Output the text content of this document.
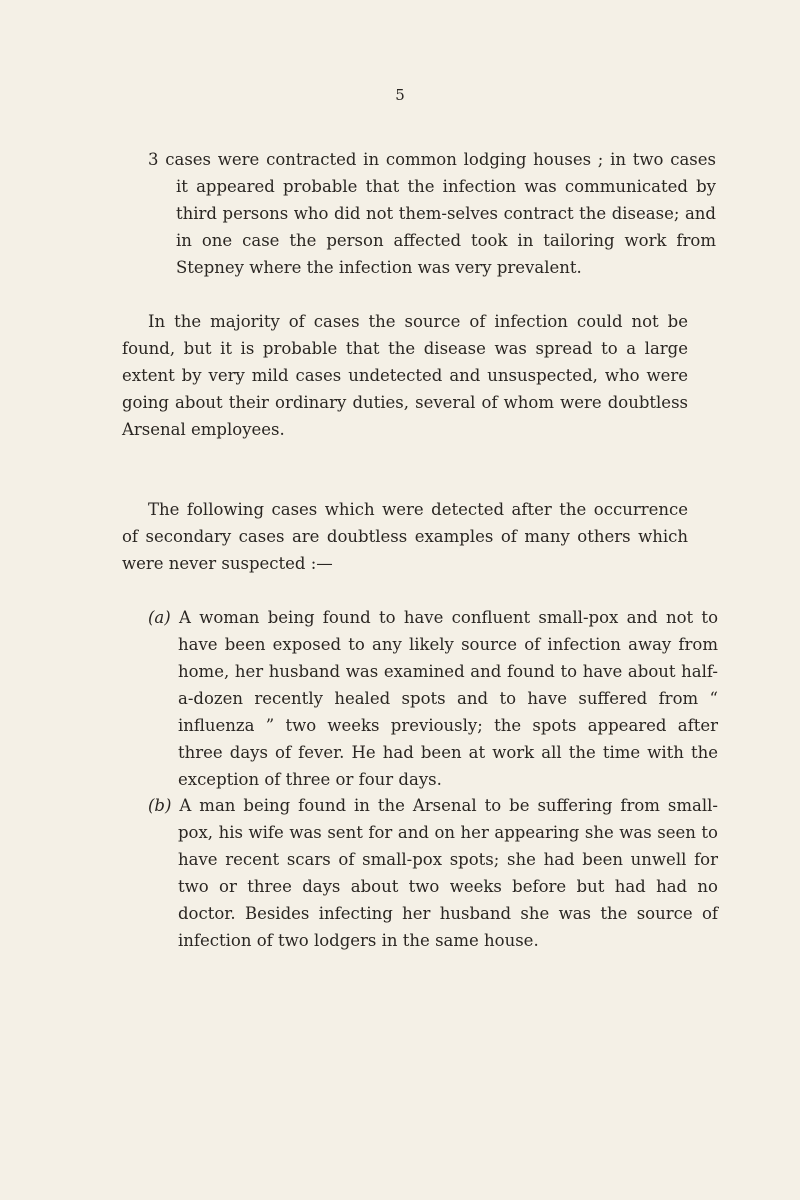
5

3 cases were contracted in common lodging houses ; in two cases it appeared probable that the infection was communicated by third persons who did not them-selves contract the disease; and in one case the person affected took in tailoring work from Stepney where the infection was very prevalent.

In the majority of cases the source of infection could not be found, but it is probable that the disease was spread to a large extent by very mild cases undetected and unsuspected, who were going about their ordinary duties, several of whom were doubtless Arsenal employees.

The following cases which were detected after the occurrence of secondary cases are doubtless examples of many others which were never suspected :—

(a) A woman being found to have confluent small-pox and not to have been exposed to any likely source of infection away from home, her husband was examined and found to have about half-a-dozen recently healed spots and to have suffered from “ influenza ” two weeks previously; the spots appeared after three days of fever. He had been at work all the time with the exception of three or four days.

(b) A man being found in the Arsenal to be suffering from small-pox, his wife was sent for and on her appearing she was seen to have recent scars of small-pox spots; she had been unwell for two or three days about two weeks before but had had no doctor. Besides infecting her husband she was the source of infection of two lodgers in the same house.
